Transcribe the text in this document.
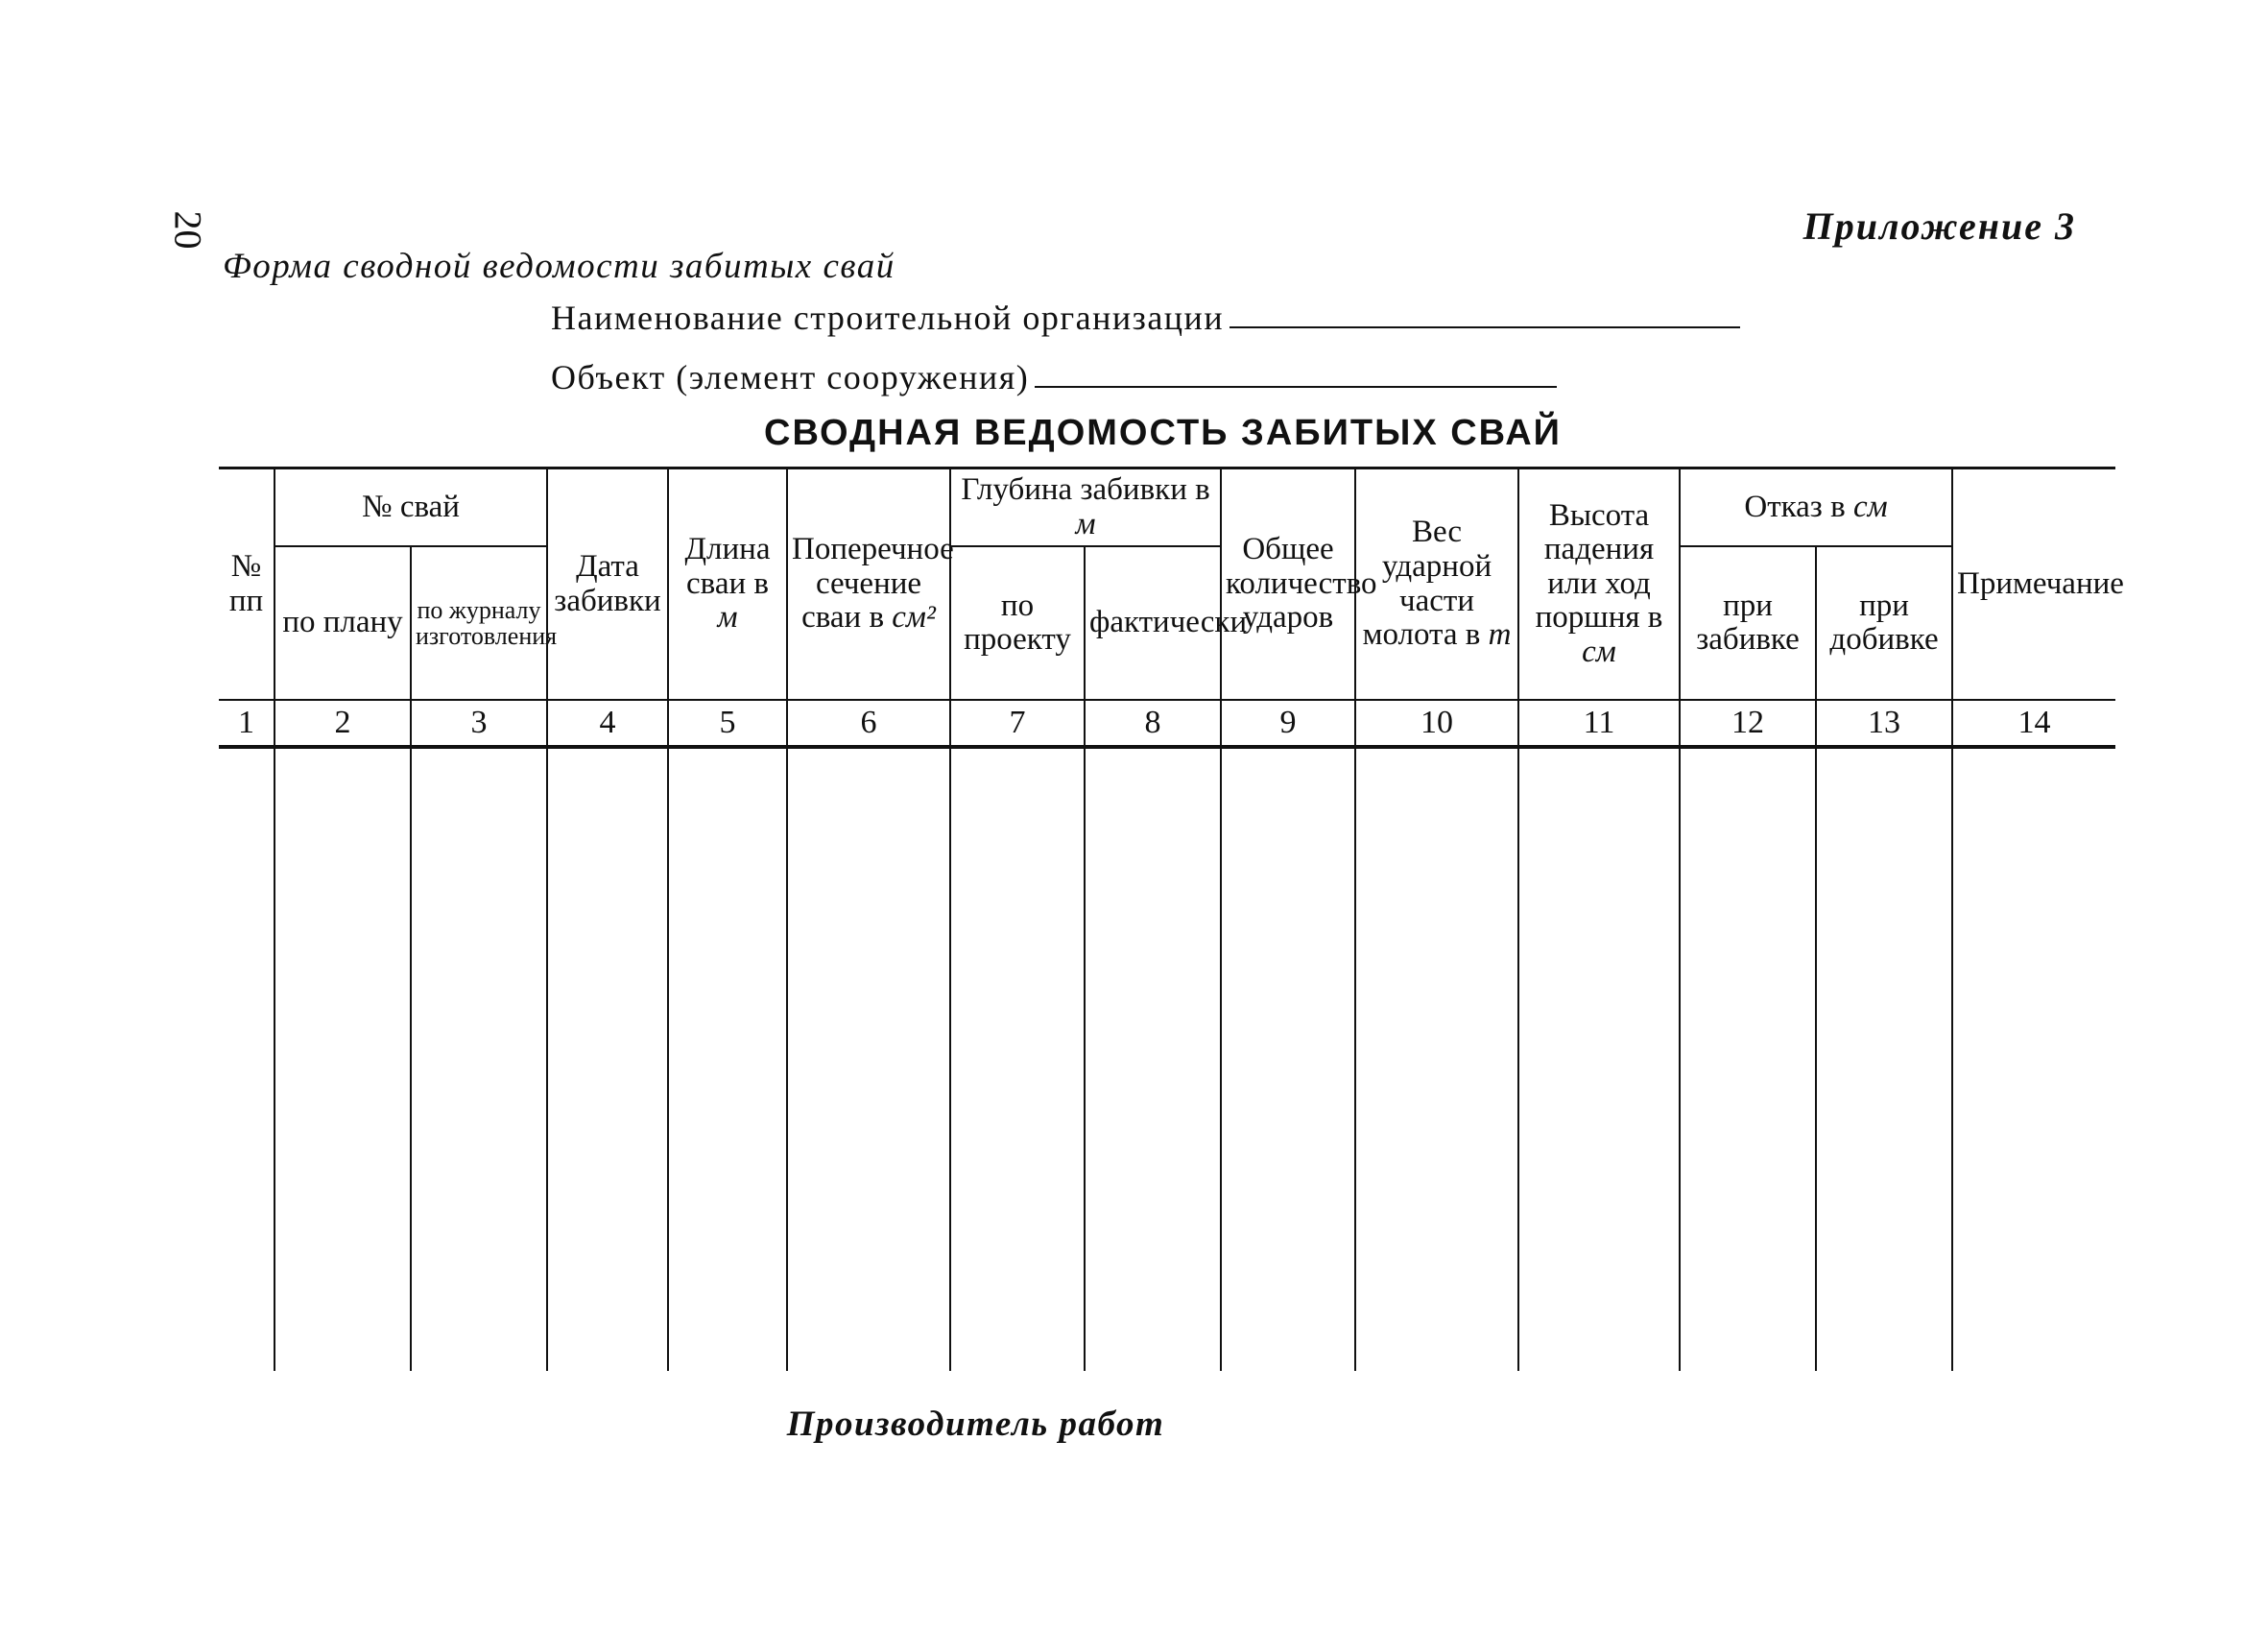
20	Приложение 3
Форма сводной ведомости забитых свай
Наименование строительной организации
Объект (элемент сооружения)
СВОДНАЯ ВЕДОМОСТЬ ЗАБИТЫХ СВАЙ
№ пп	№ свай		Дата забивки	Длина сваи в м	Поперечное сечение сваи в см²	Глубина забивки в м		Общее количество ударов	Вес ударной части молота в т	Высота падения или ход поршня в см	Отказ в см		Примечание
	по плану	по журналу изготовления				по проекту	фактически				при забивке	при добивке	
1	2	3	4	5	6	7	8	9	10	11	12	13	14

Производитель работ
